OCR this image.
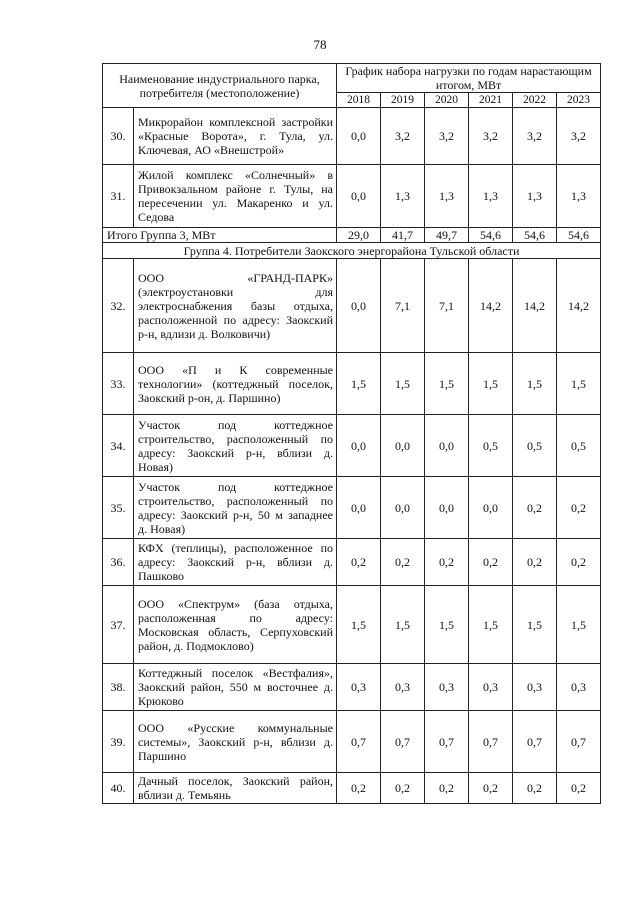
78
Наименование индустриального парка, потребителя (местоположение)		График набора нагрузки по годам нарастающим итогом, МВт					
		2018	2019	2020	2021	2022	2023
30.	Микрорайон комплексной застройки «Красные Ворота», г. Тула, ул. Ключевая, АО «Внешстрой»	0,0	3,2	3,2	3,2	3,2	3,2
31.	Жилой комплекс «Солнечный» в Привокзальном районе г. Тулы, на пересечении ул. Макаренко и ул. Седова	0,0	1,3	1,3	1,3	1,3	1,3
Итого Группа 3, МВт		29,0	41,7	49,7	54,6	54,6	54,6
Группа 4. Потребители Заокского энергорайона Тульской области							
32.	ООО «ГРАНД-ПАРК» (электроустановки для электроснабжения базы отдыха, расположенной по адресу: Заокский р-н, вдлизи д. Волковичи)	0,0	7,1	7,1	14,2	14,2	14,2
33.	ООО «П и К современные технологии» (коттеджный поселок, Заокский р-он, д. Паршино)	1,5	1,5	1,5	1,5	1,5	1,5
34.	Участок под коттеджное строительство, расположенный по адресу: Заокский р-н, вблизи д. Новая)	0,0	0,0	0,0	0,5	0,5	0,5
35.	Участок под коттеджное строительство, расположенный по адресу: Заокский р-н, 50 м западнее д. Новая)	0,0	0,0	0,0	0,0	0,2	0,2
36.	КФХ (теплицы), расположенное по адресу: Заокский р-н, вблизи д. Пашково	0,2	0,2	0,2	0,2	0,2	0,2
37.	ООО «Спектрум» (база отдыха, расположенная по адресу: Московская область, Серпуховский район, д. Подмоклово)	1,5	1,5	1,5	1,5	1,5	1,5
38.	Коттеджный поселок «Вестфалия», Заокский район, 550 м восточнее д. Крюково	0,3	0,3	0,3	0,3	0,3	0,3
39.	ООО «Русские коммунальные системы», Заокский р-н, вблизи д. Паршино	0,7	0,7	0,7	0,7	0,7	0,7
40.	Дачный поселок, Заокский район, вблизи д. Темьянь	0,2	0,2	0,2	0,2	0,2	0,2
